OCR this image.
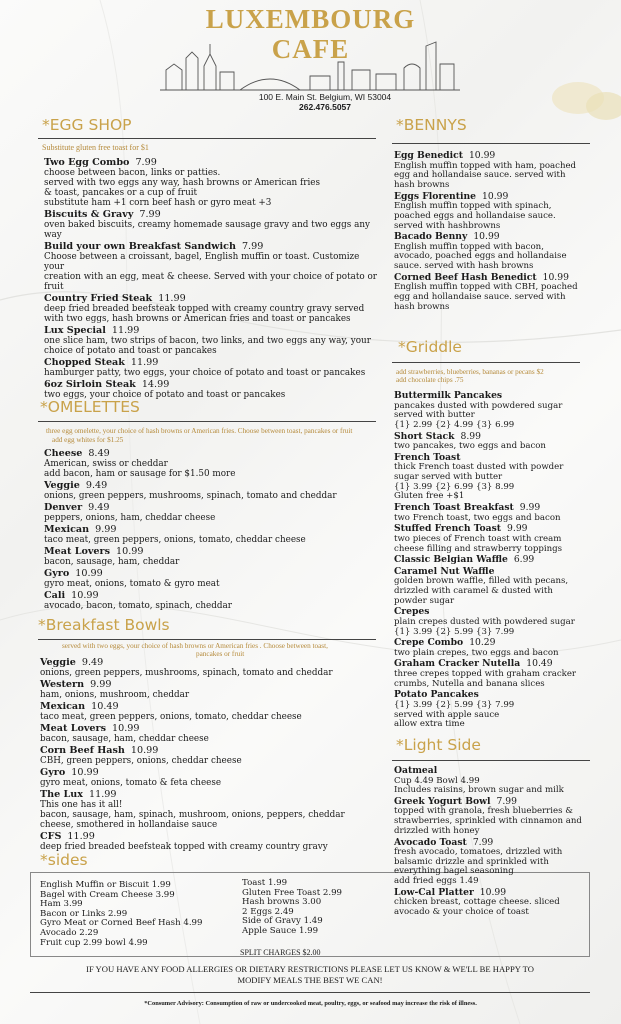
LUXEMBOURG
CAFE
100 E. Main St. Belgium, WI 53004
262.476.5057
*EGG SHOP
Substitute gluten free toast for $1
Two Egg Combo 7.99
choose between bacon, links or patties.
served with two eggs any way, hash browns or American fries
& toast, pancakes or a cup of fruit
substitute ham +1 corn beef hash or gyro meat +3
Biscuits & Gravy 7.99
oven baked biscuits, creamy homemade sausage gravy and two eggs any
way
Build your own Breakfast Sandwich 7.99
Choose between a croissant, bagel, English muffin or toast. Customize your
creation with an egg, meat & cheese. Served with your choice of potato or
fruit
Country Fried Steak 11.99
deep fried breaded beefsteak topped with creamy country gravy served
with two eggs, hash browns or American fries and toast or pancakes
Lux Special 11.99
one slice ham, two strips of bacon, two links, and two eggs any way, your
choice of potato and toast or pancakes
Chopped Steak 11.99
hamburger patty, two eggs, your choice of potato and toast or pancakes
6oz Sirloin Steak 14.99
two eggs, your choice of potato and toast or pancakes
*OMELETTES
three egg omelette, your choice of hash browns or American fries. Choose between toast, pancakes or fruit
add egg whites for $1.25
Cheese 8.49
American, swiss or cheddar
add bacon, ham or sausage for $1.50 more
Veggie 9.49
onions, green peppers, mushrooms, spinach, tomato and cheddar
Denver 9.49
peppers, onions, ham, cheddar cheese
Mexican 9.99
taco meat, green peppers, onions, tomato, cheddar cheese
Meat Lovers 10.99
bacon, sausage, ham, cheddar
Gyro 10.99
gyro meat, onions, tomato & gyro meat
Cali 10.99
avocado, bacon, tomato, spinach, cheddar
*Breakfast Bowls
served with two eggs, your choice of hash browns or American fries . Choose between toast,
pancakes or fruit
Veggie 9.49
onions, green peppers, mushrooms, spinach, tomato and cheddar
Western 9.99
ham, onions, mushroom, cheddar
Mexican 10.49
taco meat, green peppers, onions, tomato, cheddar cheese
Meat Lovers 10.99
bacon, sausage, ham, cheddar cheese
Corn Beef Hash 10.99
CBH, green peppers, onions, cheddar cheese
Gyro 10.99
gyro meat, onions, tomato & feta cheese
The Lux 11.99
This one has it all!
bacon, sausage, ham, spinach, mushroom, onions, peppers, cheddar
cheese, smothered in hollandaise sauce
CFS 11.99
deep fried breaded beefsteak topped with creamy country gravy
*sides
English Muffin or Biscuit 1.99
Bagel with Cream Cheese 3.99
Ham 3.99
Bacon or Links 2.99
Gyro Meat or Corned Beef Hash 4.99
Avocado 2.29
Fruit cup 2.99 bowl 4.99
Toast 1.99
Gluten Free Toast 2.99
Hash browns 3.00
2 Eggs 2.49
Side of Gravy 1.49
Apple Sauce 1.99
SPLIT CHARGES $2.00
*BENNYS
Egg Benedict 10.99
English muffin topped with ham, poached
egg and hollandaise sauce. served with
hash browns
Eggs Florentine 10.99
English muffin topped with spinach,
poached eggs and hollandaise sauce.
served with hashbrowns
Bacado Benny 10.99
English muffin topped with bacon,
avocado, poached eggs and hollandaise
sauce. served with hash browns
Corned Beef Hash Benedict 10.99
English muffin topped with CBH, poached
egg and hollandaise sauce. served with
hash browns
*Griddle
add strawberries, blueberries, bananas or pecans $2
add chocolate chips .75
Buttermilk Pancakes
pancakes dusted with powdered sugar
served with butter
{1} 2.99 {2} 4.99 {3} 6.99
Short Stack 8.99
two pancakes, two eggs and bacon
French Toast
thick French toast dusted with powder
sugar served with butter
{1} 3.99 {2} 6.99 {3} 8.99
Gluten free +$1
French Toast Breakfast 9.99
two French toast, two eggs and bacon
Stuffed French Toast 9.99
two pieces of French toast with cream
cheese filling and strawberry toppings
Classic Belgian Waffle 6.99
Caramel Nut Waffle
golden brown waffle, filled with pecans,
drizzled with caramel & dusted with
powder sugar
Crepes
plain crepes dusted with powdered sugar
{1} 3.99 {2} 5.99 {3} 7.99
Crepe Combo 10.29
two plain crepes, two eggs and bacon
Graham Cracker Nutella 10.49
three crepes topped with graham cracker
crumbs, Nutella and banana slices
Potato Pancakes
{1} 3.99 {2} 5.99 {3} 7.99
served with apple sauce
allow extra time
*Light Side
Oatmeal
Cup 4.49 Bowl 4.99
Includes raisins, brown sugar and milk
Greek Yogurt Bowl 7.99
topped with granola, fresh blueberries &
strawberries, sprinkled with cinnamon and
drizzled with honey
Avocado Toast 7.99
fresh avocado, tomatoes, drizzled with
balsamic drizzle and sprinkled with
everything bagel seasoning
add fried eggs 1.49
Low-Cal Platter 10.99
chicken breast, cottage cheese. sliced
avocado & your choice of toast
IF YOU HAVE ANY FOOD ALLERGIES OR DIETARY RESTRICTIONS PLEASE LET US KNOW & WE'LL BE HAPPY TO
MODIFY MEALS THE BEST WE CAN!
*Consumer Advisory: Consumption of raw or undercooked meat, poultry, eggs, or seafood may increase the risk of illness.
